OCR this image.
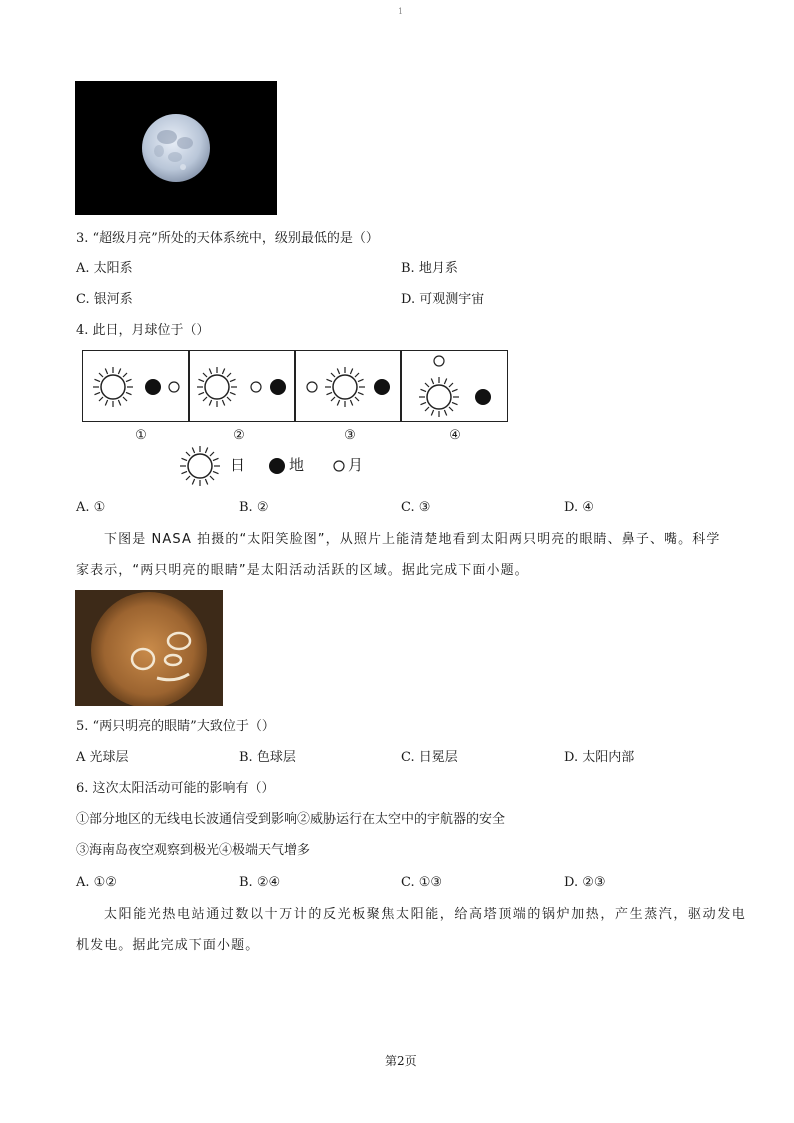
1
3. “超级月亮”所处的天体系统中，级别最低的是（）
A. 太阳系	B. 地月系
C. 银河系	D. 可观测宇宙
4. 此日，月球位于（）
①	②	③	④
日	地	月
A. ①	B. ②	C. ③	D. ④
下图是 NASA 拍摄的“太阳笑脸图”，从照片上能清楚地看到太阳两只明亮的眼睛、鼻子、嘴。科学
家表示，“两只明亮的眼睛”是太阳活动活跃的区域。据此完成下面小题。
5. “两只明亮的眼睛”大致位于（）
A 光球层	B. 色球层	C. 日冕层	D. 太阳内部
6. 这次太阳活动可能的影响有（）
①部分地区的无线电长波通信受到影响②威胁运行在太空中的宇航器的安全
③海南岛夜空观察到极光④极端天气增多
A. ①②	B. ②④	C. ①③	D. ②③
太阳能光热电站通过数以十万计的反光板聚焦太阳能，给高塔顶端的锅炉加热，产生蒸汽，驱动发电
机发电。据此完成下面小题。
第2页
